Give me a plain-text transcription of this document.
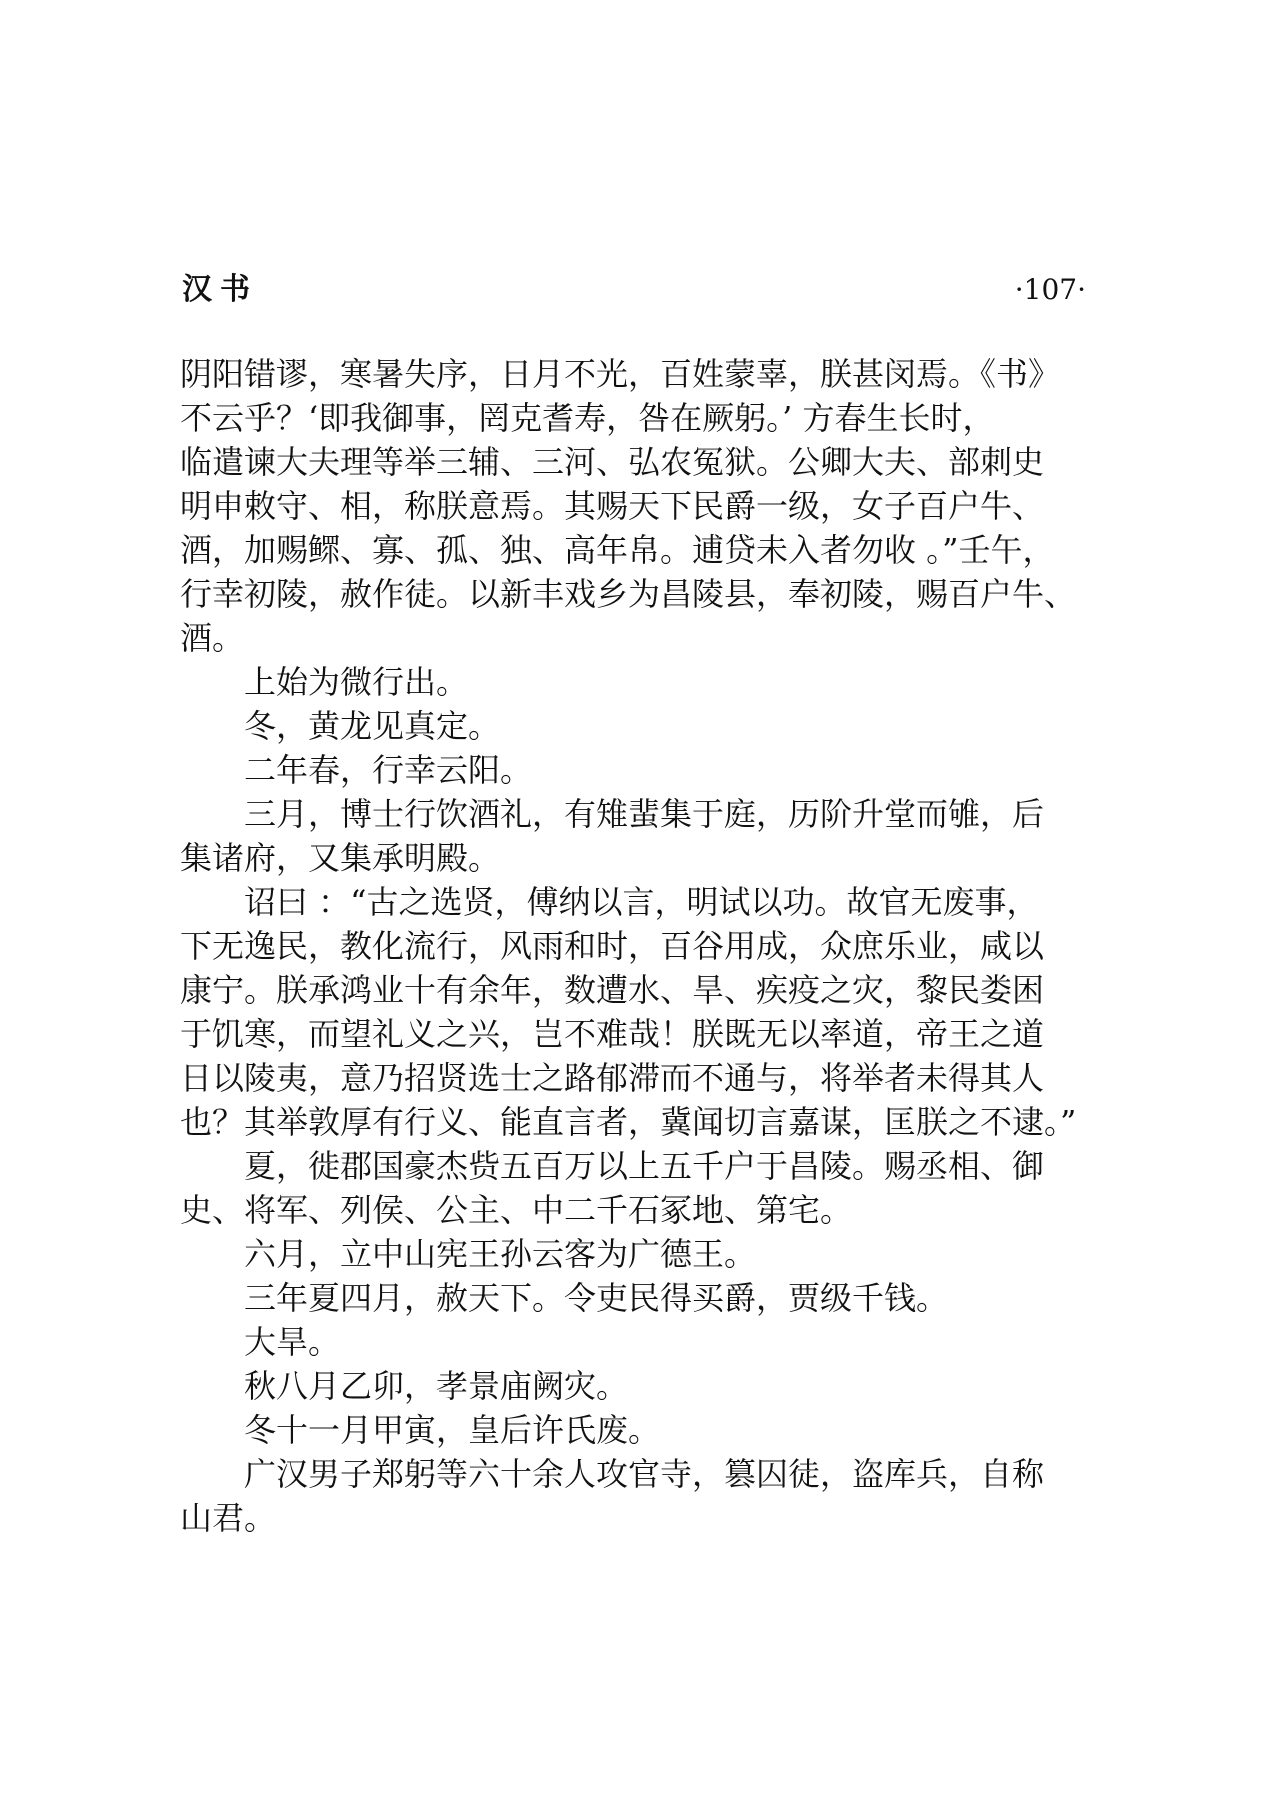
汉书	·107·
阴阳错谬，寒暑失序，日月不光，百姓蒙辜，朕甚闵焉。《书》
不云乎？‘即我御事，罔克耆寿，咎在厥躬。’ 方春生长时，
临遣谏大夫理等举三辅、三河、弘农冤狱。公卿大夫、部刺史
明申敕守、相，称朕意焉。其赐天下民爵一级，女子百户牛、
酒，加赐鳏、寡、孤、独、高年帛。逋贷未入者勿收 。”壬午，
行幸初陵，赦作徒。以新丰戏乡为昌陵县，奉初陵，赐百户牛、
酒。
上始为微行出。
冬，黄龙见真定。
二年春，行幸云阳。
三月，博士行饮酒礼，有雉蜚集于庭，历阶升堂而雊，后
集诸府，又集承明殿。
诏曰 ：“古之选贤，傅纳以言，明试以功。故官无废事，
下无逸民，教化流行，风雨和时，百谷用成，众庶乐业，咸以
康宁。朕承鸿业十有余年，数遭水、旱、疾疫之灾，黎民娄困
于饥寒，而望礼义之兴，岂不难哉！朕既无以率道，帝王之道
日以陵夷，意乃招贤选士之路郁滞而不通与，将举者未得其人
也？其举敦厚有行义、能直言者，冀闻切言嘉谋，匡朕之不逮。”
夏，徙郡国豪杰赀五百万以上五千户于昌陵。赐丞相、御
史、将军、列侯、公主、中二千石冢地、第宅。
六月，立中山宪王孙云客为广德王。
三年夏四月，赦天下。令吏民得买爵，贾级千钱。
大旱。
秋八月乙卯，孝景庙阙灾。
冬十一月甲寅，皇后许氏废。
广汉男子郑躬等六十余人攻官寺，篡囚徒，盗库兵，自称
山君。
